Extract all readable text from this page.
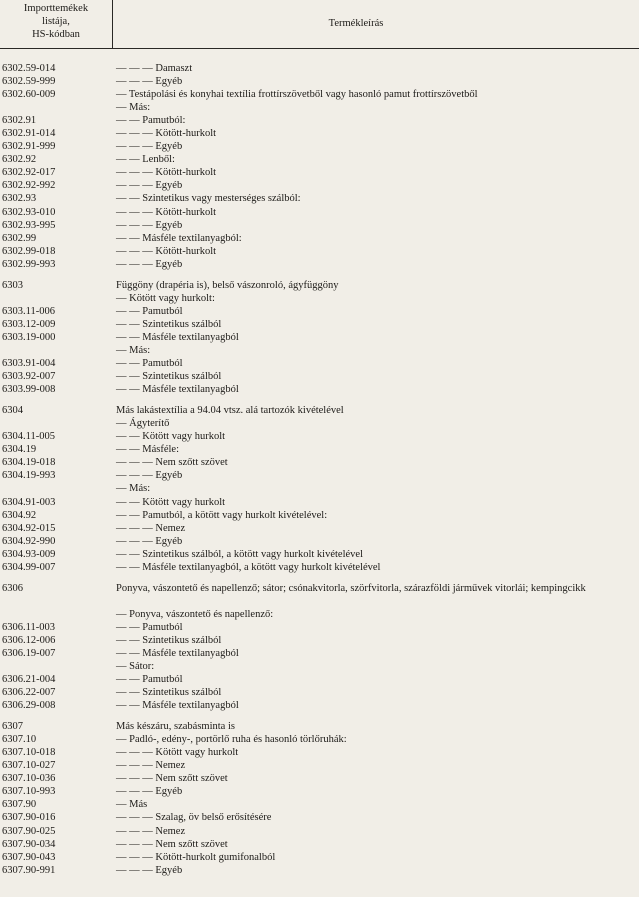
Importtemékek
listája,
HS-kódban
Termékleírás
6302.59-014	— — — Damaszt
6302.59-999	— — — Egyéb
6302.60-009	— Testápolási és konyhai textília frottírszövetből vagy hasonló pamut frottírszövetből
— Más:
6302.91	— — Pamutból:
6302.91-014	— — — Kötött-hurkolt
6302.91-999	— — — Egyéb
6302.92	— — Lenből:
6302.92-017	— — — Kötött-hurkolt
6302.92-992	— — — Egyéb
6302.93	— — Szintetikus vagy mesterséges szálból:
6302.93-010	— — — Kötött-hurkolt
6302.93-995	— — — Egyéb
6302.99	— — Másféle textilanyagból:
6302.99-018	— — — Kötött-hurkolt
6302.99-993	— — — Egyéb
6303	Függöny (drapéria is), belső vászonroló, ágyfüggöny
— Kötött vagy hurkolt:
6303.11-006	— — Pamutból
6303.12-009	— — Szintetikus szálból
6303.19-000	— — Másféle textilanyagból
— Más:
6303.91-004	— — Pamutból
6303.92-007	— — Szintetikus szálból
6303.99-008	— — Másféle textilanyagból
6304	Más lakástextília a 94.04 vtsz. alá tartozók kivételével
— Ágyterítő
6304.11-005	— — Kötött vagy hurkolt
6304.19	— — Másféle:
6304.19-018	— — — Nem szőtt szövet
6304.19-993	— — — Egyéb
— Más:
6304.91-003	— — Kötött vagy hurkolt
6304.92	— — Pamutból, a kötött vagy hurkolt kivételével:
6304.92-015	— — — Nemez
6304.92-990	— — — Egyéb
6304.93-009	— — Szintetikus szálból, a kötött vagy hurkolt kivételével
6304.99-007	— — Másféle textilanyagból, a kötött vagy hurkolt kivételével
6306	Ponyva, vászontető és napellenző; sátor; csónakvitorla, szörfvitorla, szárazföldi járművek vitorlái; kempingcikk
— Ponyva, vászontető és napellenző:
6306.11-003	— — Pamutból
6306.12-006	— — Szintetikus szálból
6306.19-007	— — Másféle textilanyagból
— Sátor:
6306.21-004	— — Pamutból
6306.22-007	— — Szintetikus szálból
6306.29-008	— — Másféle textilanyagból
6307	Más készáru, szabásminta is
6307.10	— Padló-, edény-, portörlő ruha és hasonló törlőruhák:
6307.10-018	— — — Kötött vagy hurkolt
6307.10-027	— — — Nemez
6307.10-036	— — — Nem szőtt szövet
6307.10-993	— — — Egyéb
6307.90	— Más
6307.90-016	— — — Szalag, öv belső erősítésére
6307.90-025	— — — Nemez
6307.90-034	— — — Nem szőtt szövet
6307.90-043	— — — Kötött-hurkolt gumifonalból
6307.90-991	— — — Egyéb
